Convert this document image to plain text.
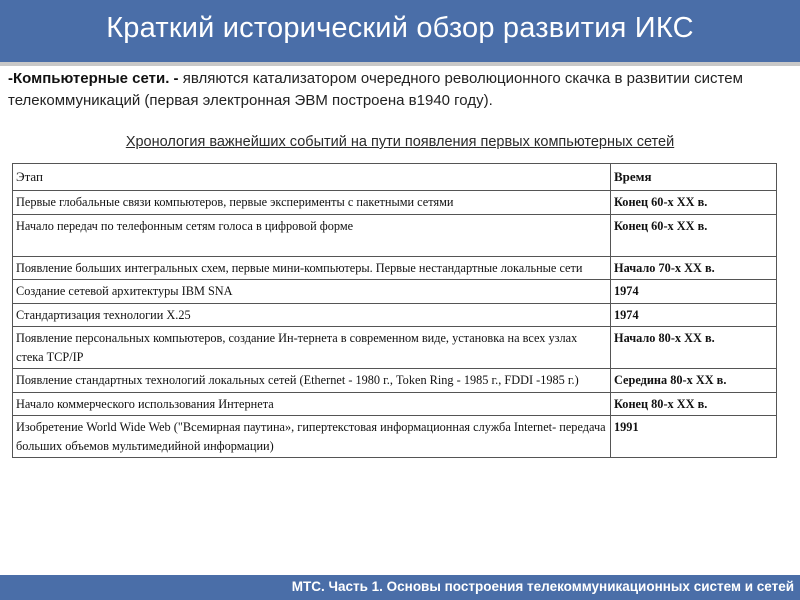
Краткий исторический обзор развития ИКС
-Компьютерные сети. - являются катализатором очередного революционного скачка в развитии систем телекоммуникаций (первая электронная ЭВМ построена в1940 году).
Хронология важнейших событий на пути появления первых компьютерных сетей
Этап	Время
Первые глобальные связи компьютеров, первые эксперименты с пакетными сетями	Конец 60-х XX в.
Начало передач по телефонным сетям голоса в цифровой форме	Конец 60-х XX в.
Появление больших интегральных схем, первые мини-компьютеры. Первые нестандартные локальные сети	Начало 70-х XX в.
Создание сетевой архитектуры IBM SNA	1974
Стандартизация технологии X.25	1974
Появление персональных компьютеров, создание Ин-тернета в современном виде, установка на всех узлах стека TCP/IP	Начало 80-х XX в.
Появление стандартных технологий локальных сетей (Ethernet - 1980 г., Token Ring - 1985 г., FDDI -1985 г.)	Середина 80-х XX в.
Начало коммерческого использования Интернета	Конец 80-х XX в.
Изобретение World Wide Web ("Всемирная паутина», гипертекстовая информационная служба Internet- передача больших объемов мультимедийной информации)	1991
МТС. Часть 1. Основы построения телекоммуникационных систем и сетей
